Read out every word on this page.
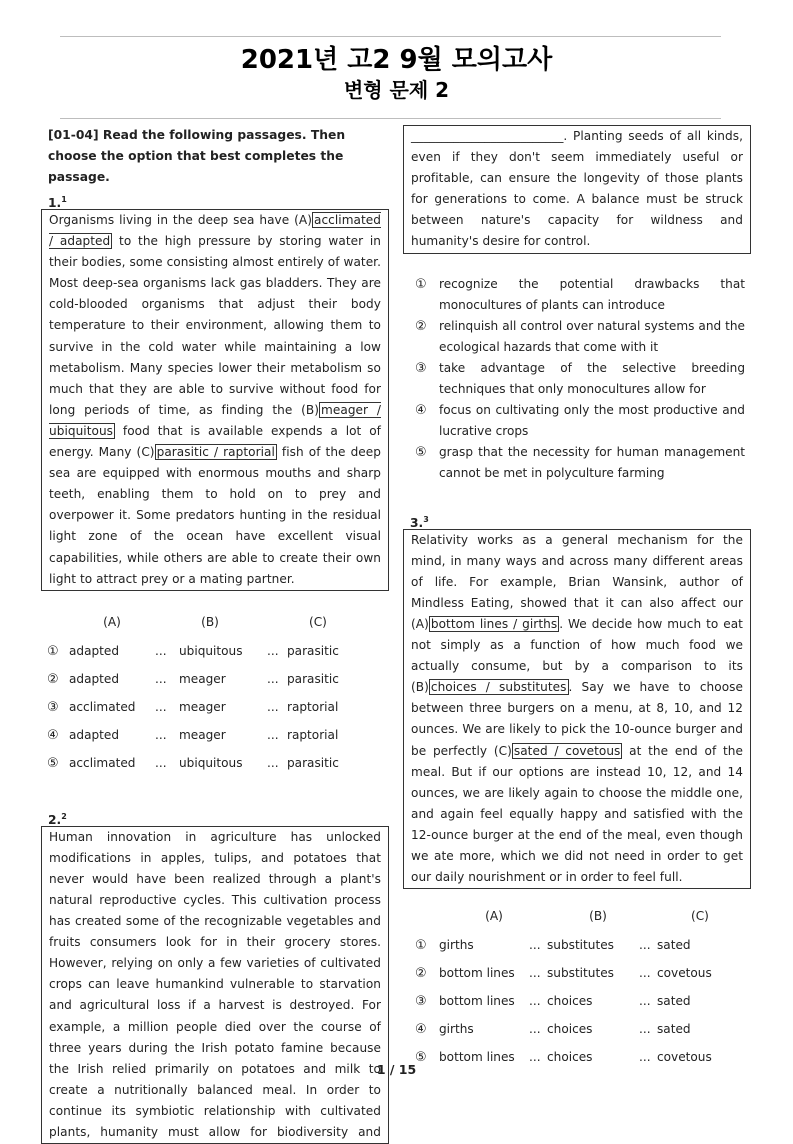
2021년 고2 9월 모의고사
변형 문제 2
[01-04] Read the following passages. Then choose the option that best completes the passage.
1.$^1$
Organisms living in the deep sea have (A) acclimated / adapted to the high pressure by storing water in their bodies, some consisting almost entirely of water. Most deep-sea organisms lack gas bladders. They are cold-blooded organisms that adjust their body temperature to their environment, allowing them to survive in the cold water while maintaining a low metabolism. Many species lower their metabolism so much that they are able to survive without food for long periods of time, as finding the (B) meager / ubiquitous food that is available expends a lot of energy. Many (C) parasitic / raptorial fish of the deep sea are equipped with enormous mouths and sharp teeth, enabling them to hold on to prey and overpower it. Some predators hunting in the residual light zone of the ocean have excellent visual capabilities, while others are able to create their own light to attract prey or a mating partner.
	(A)		(B)		(C)
①	adapted	...	ubiquitous	...	parasitic
②	adapted	...	meager	...	parasitic
③	acclimated	...	meager	...	raptorial
④	adapted	...	meager	...	raptorial
⑤	acclimated	...	ubiquitous	...	parasitic
2.$^2$
Human innovation in agriculture has unlocked modifications in apples, tulips, and potatoes that never would have been realized through a plant's natural reproductive cycles. This cultivation process has created some of the recognizable vegetables and fruits consumers look for in their grocery stores. However, relying on only a few varieties of cultivated crops can leave humankind vulnerable to starvation and agricultural loss if a harvest is destroyed. For example, a million people died over the course of three years during the Irish potato famine because the Irish relied primarily on potatoes and milk to create a nutritionally balanced meal. In order to continue its symbiotic relationship with cultivated plants, humanity must allow for biodiversity and
_________________________. Planting seeds of all kinds, even if they don't seem immediately useful or profitable, can ensure the longevity of those plants for generations to come. A balance must be struck between nature's capacity for wildness and humanity's desire for control.
① recognize the potential drawbacks that monocultures of plants can introduce
② relinquish all control over natural systems and the ecological hazards that come with it
③ take advantage of the selective breeding techniques that only monocultures allow for
④ focus on cultivating only the most productive and lucrative crops
⑤ grasp that the necessity for human management cannot be met in polyculture farming
3.$^3$
Relativity works as a general mechanism for the mind, in many ways and across many different areas of life. For example, Brian Wansink, author of Mindless Eating, showed that it can also affect our (A) bottom lines / girths . We decide how much to eat not simply as a function of how much food we actually consume, but by a comparison to its (B) choices / substitutes . Say we have to choose between three burgers on a menu, at 8, 10, and 12 ounces. We are likely to pick the 10-ounce burger and be perfectly (C) sated / covetous at the end of the meal. But if our options are instead 10, 12, and 14 ounces, we are likely again to choose the middle one, and again feel equally happy and satisfied with the 12-ounce burger at the end of the meal, even though we ate more, which we did not need in order to get our daily nourishment or in order to feel full.
	(A)		(B)		(C)
①	girths	...	substitutes	...	sated
②	bottom lines	...	substitutes	...	covetous
③	bottom lines	...	choices	...	sated
④	girths	...	choices	...	sated
⑤	bottom lines	...	choices	...	covetous
1 / 15
